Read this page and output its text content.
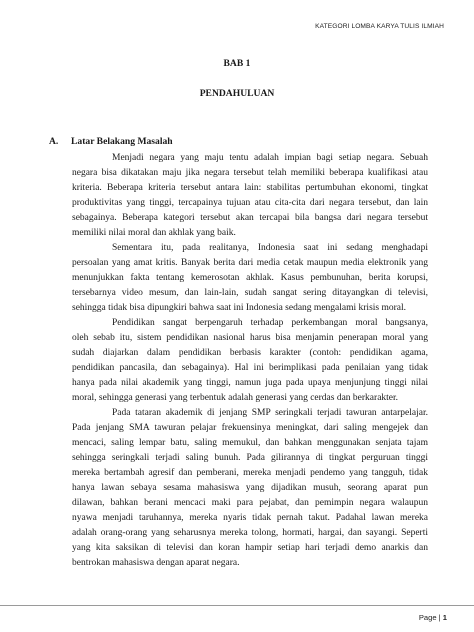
KATEGORI LOMBA KARYA TULIS ILMIAH
BAB 1
PENDAHULUAN
A. Latar Belakang Masalah

Menjadi negara yang maju tentu adalah impian bagi setiap negara. Sebuah
negara bisa dikatakan maju jika negara tersebut telah memiliki beberapa kualifikasi atau
kriteria. Beberapa kriteria tersebut antara lain: stabilitas pertumbuhan ekonomi, tingkat
produktivitas yang tinggi, tercapainya tujuan atau cita-cita dari negara tersebut, dan lain
sebagainya. Beberapa kategori tersebut akan tercapai bila bangsa dari negara tersebut
memiliki nilai moral dan akhlak yang baik.

Sementara itu, pada realitanya, Indonesia saat ini sedang menghadapi
persoalan yang amat kritis. Banyak berita dari media cetak maupun media elektronik yang
menunjukkan fakta tentang kemerosotan akhlak. Kasus pembunuhan, berita korupsi,
tersebarnya video mesum, dan lain-lain, sudah sangat sering ditayangkan di televisi,
sehingga tidak bisa dipungkiri bahwa saat ini Indonesia sedang mengalami krisis moral.

Pendidikan sangat berpengaruh terhadap perkembangan moral bangsanya,
oleh sebab itu, sistem pendidikan nasional harus bisa menjamin penerapan moral yang
sudah diajarkan dalam pendidikan berbasis karakter (contoh: pendidikan agama,
pendidikan pancasila, dan sebagainya). Hal ini berimplikasi pada penilaian yang tidak
hanya pada nilai akademik yang tinggi, namun juga pada upaya menjunjung tinggi nilai
moral, sehingga generasi yang terbentuk adalah generasi yang cerdas dan berkarakter.

Pada tataran akademik di jenjang SMP seringkali terjadi tawuran antarpelajar.
Pada jenjang SMA tawuran pelajar frekuensinya meningkat, dari saling mengejek dan
mencaci, saling lempar batu, saling memukul, dan bahkan menggunakan senjata tajam
sehingga seringkali terjadi saling bunuh. Pada gilirannya di tingkat perguruan tinggi
mereka bertambah agresif dan pemberani, mereka menjadi pendemo yang tangguh, tidak
hanya lawan sebaya sesama mahasiswa yang dijadikan musuh, seorang aparat pun
dilawan, bahkan berani mencaci maki para pejabat, dan pemimpin negara walaupun
nyawa menjadi taruhannya, mereka nyaris tidak pernah takut. Padahal lawan mereka
adalah orang-orang yang seharusnya mereka tolong, hormati, hargai, dan sayangi. Seperti
yang kita saksikan di televisi dan koran hampir setiap hari terjadi demo anarkis dan
bentrokan mahasiswa dengan aparat negara.

Page | 1
